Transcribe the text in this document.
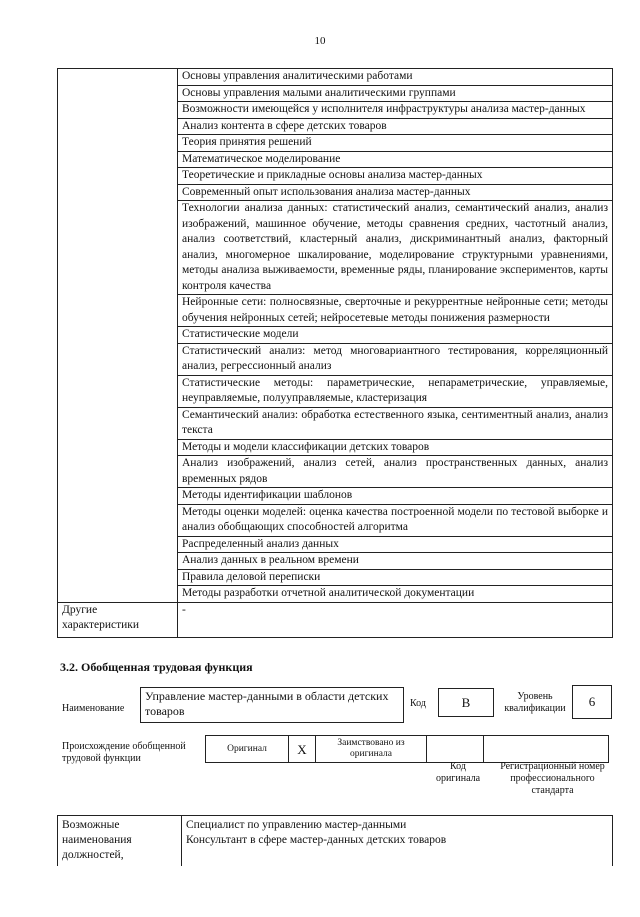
10
	Основы управления аналитическими работами
	Основы управления малыми аналитическими группами
	Возможности имеющейся у исполнителя инфраструктуры анализа мастер-данных
	Анализ контента в сфере детских товаров
	Теория принятия решений
	Математическое моделирование
	Теоретические и прикладные основы анализа мастер-данных
	Современный опыт использования анализа мастер-данных
	Технологии анализа данных: статистический анализ, семантический анализ, анализ изображений, машинное обучение, методы сравнения средних, частотный анализ, анализ соответствий, кластерный анализ, дискриминантный анализ, факторный анализ, многомерное шкалирование, моделирование структурными уравнениями, методы анализа выживаемости, временные ряды, планирование экспериментов, карты контроля качества
	Нейронные сети: полносвязные, сверточные и рекуррентные нейронные сети; методы обучения нейронных сетей; нейросетевые методы понижения размерности
	Статистические модели
	Статистический анализ: метод многовариантного тестирования, корреляционный анализ, регрессионный анализ
	Статистические методы: параметрические, непараметрические, управляемые, неуправляемые, полууправляемые, кластеризация
	Семантический анализ: обработка естественного языка, сентиментный анализ, анализ текста
	Методы и модели классификации детских товаров
	Анализ изображений, анализ сетей, анализ пространственных данных, анализ временных рядов
	Методы идентификации шаблонов
	Методы оценки моделей: оценка качества построенной модели по тестовой выборке и анализ обобщающих способностей алгоритма
	Распределенный анализ данных
	Анализ данных в реальном времени
	Правила деловой переписки
	Методы разработки отчетной аналитической документации
Другие характеристики	-
3.2. Обобщенная трудовая функция
Наименование
Управление мастер-данными в области детских товаров
Код	В	Уровень квалификации	6
Происхождение обобщенной трудовой функции
Оригинал	X	Заимствовано из оригинала		
Код оригинала
Регистрационный номер профессионального стандарта
Возможные наименования должностей,	
Специалист по управлению мастер-данными
Консультант в сфере мастер-данных детских товаров
